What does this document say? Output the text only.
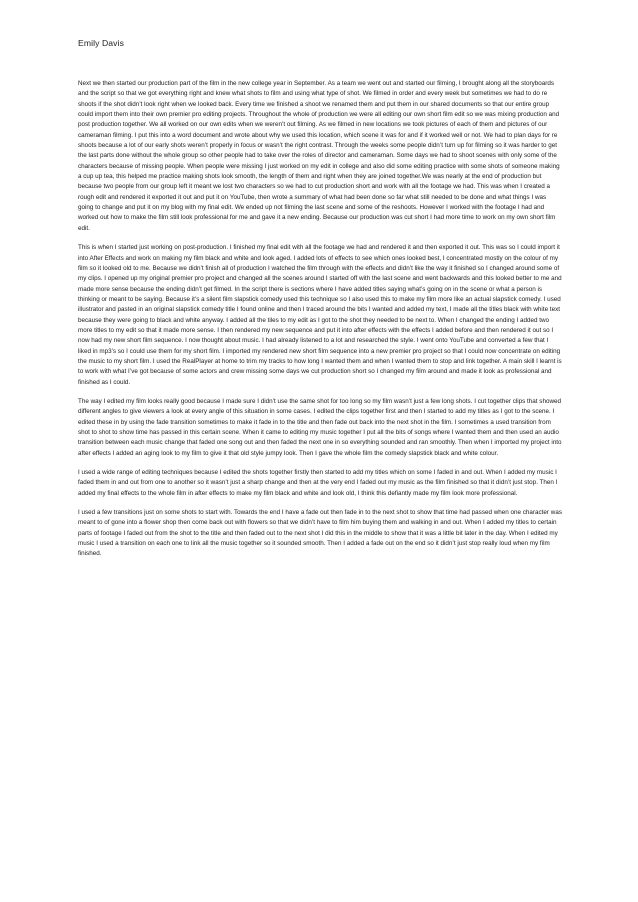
Emily Davis

Next we then started our production part of the film in the new college year in September. As a team we went out and started our filming, I brought along all the storyboards and the script so that we got everything right and knew what shots to film and using what type of shot. We filmed in order and every week but sometimes we had to do re shoots if the shot didn’t look right when we looked back. Every time we finished a shoot we renamed them and put them in our shared documents so that our entire group could import them into their own premier pro editing projects. Throughout the whole of production we were all editing our own short film edit so we was mixing production and post production together. We all worked on our own edits when we weren’t out filming. As we filmed in new locations we took pictures of each of them and pictures of our cameraman filming. I put this into a word document and wrote about why we used this location, which scene it was for and if it worked well or not. We had to plan days for re shoots because a lot of our early shots weren’t properly in focus or wasn’t the right contrast. Through the weeks some people didn’t turn up for filming so it was harder to get the last parts done without the whole group so other people had to take over the roles of director and cameraman. Some days we had to shoot scenes with only some of the characters because of missing people. When people were missing I just worked on my edit in college and also did some editing practice with some shots of someone making a cup up tea, this helped me practice making shots look smooth, the length of them and right when they are joined together.We was nearly at the end of production but because two people from our group left it meant we lost two characters so we had to cut production short and work with all the footage we had. This was when I created a rough edit and rendered it exported it out and put it on YouTube, then wrote a summary of what had been done so far what still needed to be done and what things I was going to change and put it on my blog with my final edit. We ended up not filming the last scene and some of the reshoots. However I worked with the footage I had and worked out how to make the film still look professional for me and gave it a new ending. Because our production was cut short I had more time to work on my own short film edit.

This is when I started just working on post-production. I finished my final edit with all the footage we had and rendered it and then exported it out. This was so I could import it into After Effects and work on making my film black and white and look aged. I added lots of effects to see which ones looked best, I concentrated mostly on the colour of my film so it looked old to me. Because we didn’t finish all of production I watched the film through with the effects and didn’t like the way it finished so I changed around some of my clips. I opened up my original premier pro project and changed all the scenes around I started off with the last scene and went backwards and this looked better to me and made more sense because the ending didn’t get filmed. In the script there is sections where I have added titles saying what’s going on in the scene or what a person is thinking or meant to be saying. Because it’s a silent film slapstick comedy used this technique so I also used this to make my film more like an actual slapstick comedy. I used illustrator and pasted in an original slapstick comedy title I found online and then I traced around the bits I wanted and added my text, I made all the titles black with white text because they were going to black and white anyway. I added all the tiles to my edit as I got to the shot they needed to be next to. When I changed the ending I added two more titles to my edit so that it made more sense. I then rendered my new sequence and put it into after effects with the effects I added before and then rendered it out so I now had my new short film sequence. I now thought about music. I had already listened to a lot and researched the style. I went onto YouTube and converted a few that I liked in mp3’s so I could use them for my short film. I imported my rendered new short film sequence into a new premier pro project so that I could now concentrate on editing the music to my short film. I used the RealPlayer at home to trim my tracks to how long I wanted them and when I wanted them to stop and link together. A main skill I learnt is to work with what I’ve got because of some actors and crew missing some days we cut production short so I changed my film around and made it look as professional and finished as I could.

The way I edited my film looks really good because I made sure I didn’t use the same shot for too long so my film wasn’t just a few long shots. I cut together clips that showed different angles to give viewers a look at every angle of this situation in some cases. I edited the clips together first and then I started to add my titles as I got to the scene. I edited these in by using the fade transition sometimes to make it fade in to the title and then fade out back into the next shot in the film. I sometimes a used transition from shot to shot to show time has passed in this certain scene. When it came to editing my music together I put all the bits of songs where I wanted them and then used an audio transition between each music change that faded one song out and then faded the next one in so everything sounded and ran smoothly. Then when I imported my project into after effects I added an aging look to my film to give it that old style jumpy look. Then I gave the whole film the comedy slapstick black and white colour.

I used a wide range of editing techniques because I edited the shots together firstly then started to add my titles which on some I faded in and out. When I added my music I faded them in and out from one to another so it wasn’t just a sharp change and then at the very end I faded out my music as the film finished so that it didn’t just stop. Then I added my final effects to the whole film in after effects to make my film black and white and look old, I think this defiantly made my film look more professional.

I used a few transitions just on some shots to start with. Towards the end I have a fade out then fade in to the next shot to show that time had passed when one character was meant to of gone into a flower shop then come back out with flowers so that we didn’t have to film him buying them and walking in and out. When I added my titles to certain parts of footage I faded out from the shot to the title and then faded out to the next shot I did this in the middle to show that it was a little bit later in the day. When I edited my music I used a transition on each one to link all the music together so it sounded smooth. Then I added a fade out on the end so it didn’t just stop really loud when my film finished.
